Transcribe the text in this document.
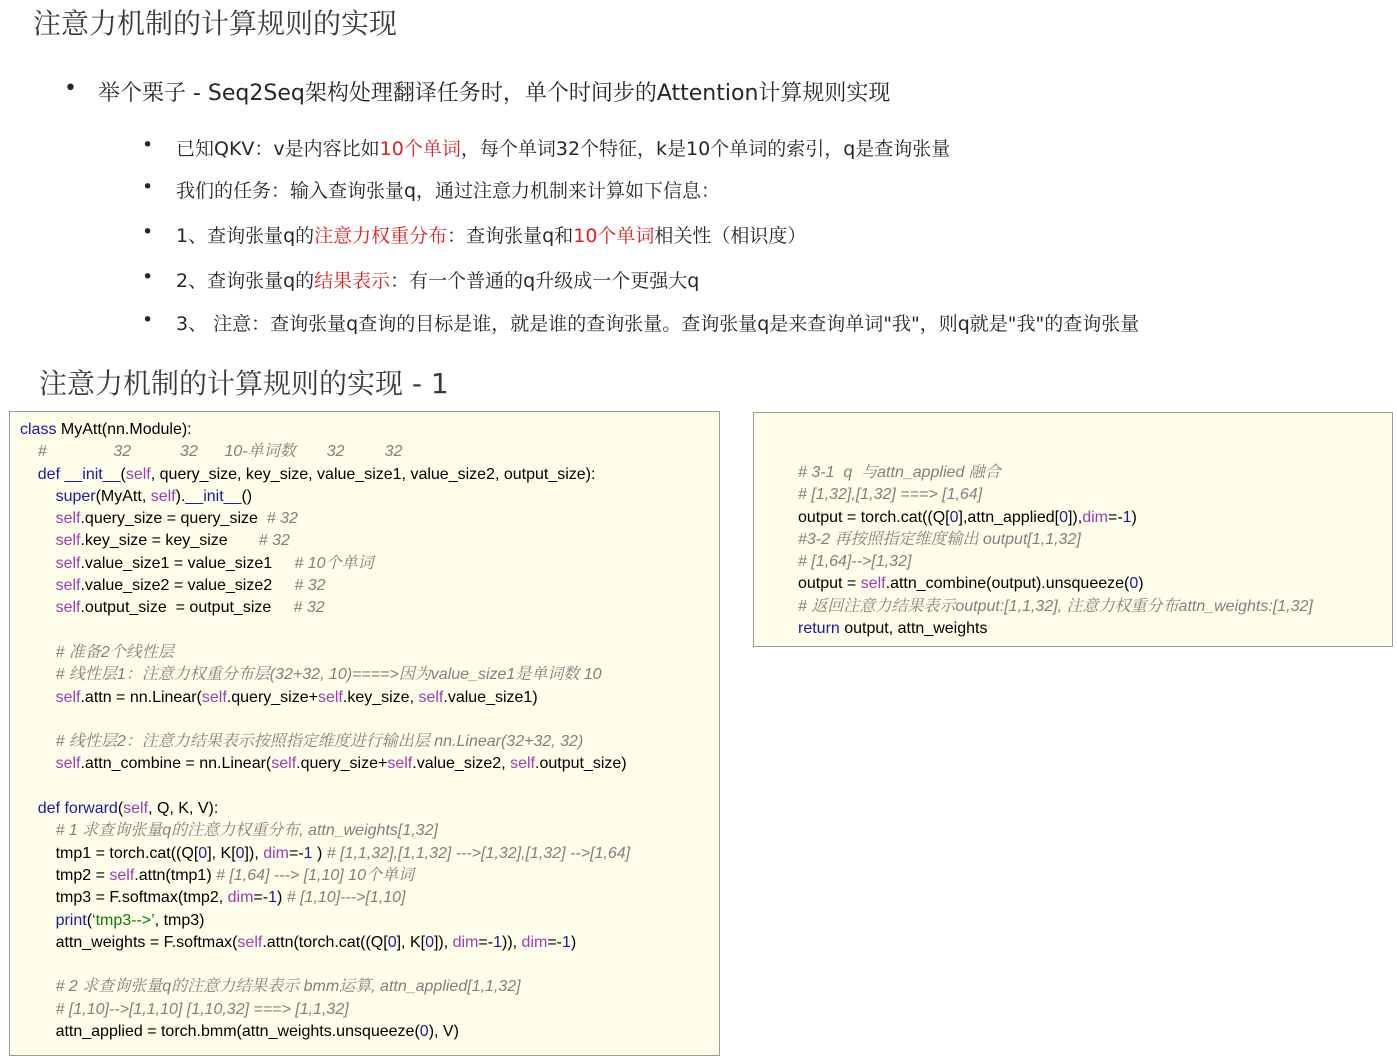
注意力机制的计算规则的实现
• 举个栗子 - Seq2Seq架构处理翻译任务时，单个时间步的Attention计算规则实现
• 已知QKV：v是内容比如10个单词，每个单词32个特征，k是10个单词的索引，q是查询张量
• 我们的任务：输入查询张量q，通过注意力机制来计算如下信息：
• 1、查询张量q的注意力权重分布：查询张量q和10个单词相关性（相识度）
• 2、查询张量q的结果表示：有一个普通的q升级成一个更强大q
• 3、 注意：查询张量q查询的目标是谁，就是谁的查询张量。查询张量q是来查询单词"我"，则q就是"我"的查询张量
注意力机制的计算规则的实现 - 1
class MyAtt(nn.Module):
#               32           32      10-单词数       32         32
def __init__(self, query_size, key_size, value_size1, value_size2, output_size):
super(MyAtt, self).__init__()
self.query_size = query_size  # 32
self.key_size = key_size       # 32
self.value_size1 = value_size1     # 10个单词
self.value_size2 = value_size2     # 32
self.output_size  = output_size     # 32
# 准备2个线性层
# 线性层1：注意力权重分布层(32+32, 10)====>因为value_size1是单词数 10
self.attn = nn.Linear(self.query_size+self.key_size, self.value_size1)
# 线性层2：注意力结果表示按照指定维度进行输出层 nn.Linear(32+32, 32)
self.attn_combine = nn.Linear(self.query_size+self.value_size2, self.output_size)
def forward(self, Q, K, V):
# 1 求查询张量q的注意力权重分布, attn_weights[1,32]
tmp1 = torch.cat((Q[0], K[0]), dim=-1 ) # [1,1,32],[1,1,32] --->[1,32],[1,32] -->[1,64]
tmp2 = self.attn(tmp1) # [1,64] ---> [1,10] 10个单词
tmp3 = F.softmax(tmp2, dim=-1) # [1,10]--->[1,10]
print(‘tmp3-->’, tmp3)
attn_weights = F.softmax(self.attn(torch.cat((Q[0], K[0]), dim=-1)), dim=-1)
# 2 求查询张量q的注意力结果表示 bmm运算, attn_applied[1,1,32]
# [1,10]-->[1,1,10] [1,10,32] ===> [1,1,32]
attn_applied = torch.bmm(attn_weights.unsqueeze(0), V)
# 3-1  q  与attn_applied 融合
# [1,32],[1,32] ===> [1,64]
output = torch.cat((Q[0],attn_applied[0]),dim=-1)
#3-2 再按照指定维度输出 output[1,1,32]
# [1,64]-->[1,32]
output = self.attn_combine(output).unsqueeze(0)
# 返回注意力结果表示output:[1,1,32], 注意力权重分布attn_weights:[1,32]
return output, attn_weights
